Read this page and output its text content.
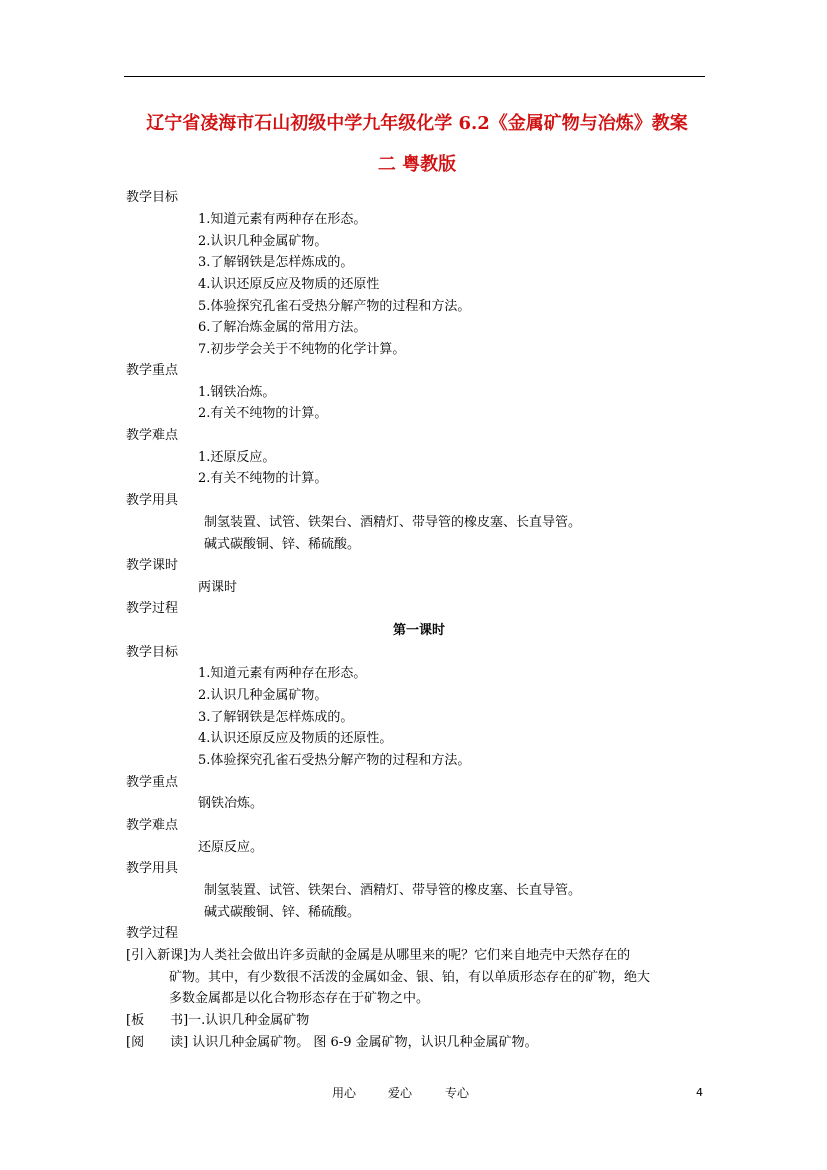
辽宁省凌海市石山初级中学九年级化学 6.2《金属矿物与冶炼》教案
二 粤教版
教学目标
1.知道元素有两种存在形态。
2.认识几种金属矿物。
3.了解钢铁是怎样炼成的。
4.认识还原反应及物质的还原性
5.体验探究孔雀石受热分解产物的过程和方法。
6.了解冶炼金属的常用方法。
7.初步学会关于不纯物的化学计算。
教学重点
1.钢铁冶炼。
2.有关不纯物的计算。
教学难点
1.还原反应。
2.有关不纯物的计算。
教学用具
制氢装置、试管、铁架台、酒精灯、带导管的橡皮塞、长直导管。
碱式碳酸铜、锌、稀硫酸。
教学课时
两课时
教学过程
第一课时
教学目标
1.知道元素有两种存在形态。
2.认识几种金属矿物。
3.了解钢铁是怎样炼成的。
4.认识还原反应及物质的还原性。
5.体验探究孔雀石受热分解产物的过程和方法。
教学重点
钢铁冶炼。
教学难点
还原反应。
教学用具
制氢装置、试管、铁架台、酒精灯、带导管的橡皮塞、长直导管。
碱式碳酸铜、锌、稀硫酸。
教学过程
[引入新课]为人类社会做出许多贡献的金属是从哪里来的呢？它们来自地壳中天然存在的
矿物。其中，有少数很不活泼的金属如金、银、铂，有以单质形态存在的矿物，绝大
多数金属都是以化合物形态存在于矿物之中。
[板　　书]一.认识几种金属矿物
[阅　　读] 认识几种金属矿物。 图 6-9 金属矿物，认识几种金属矿物。
用心	爱心	专心	4
